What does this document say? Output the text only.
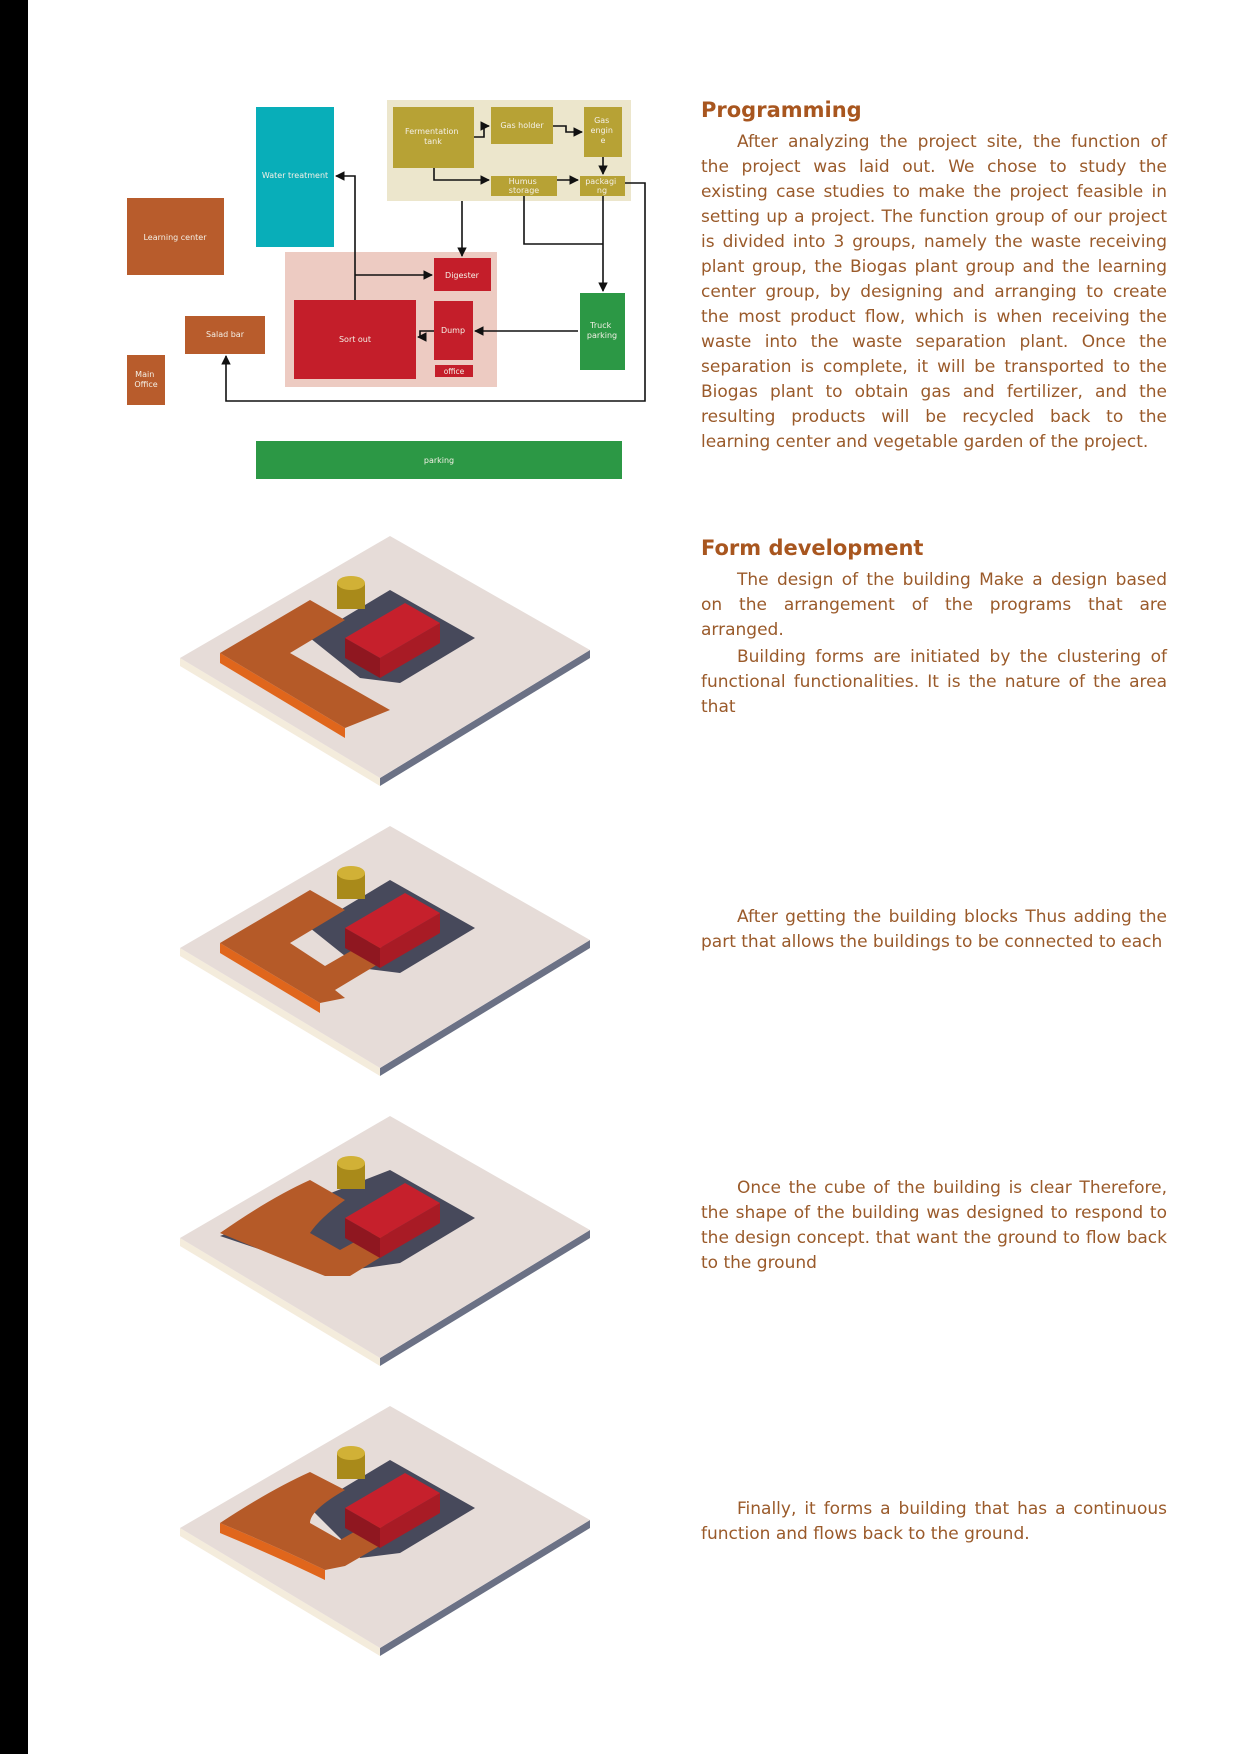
Learning center
Water treatment
Fermentation tank
Gas holder
Gas engin e
Humus storage
packagi ng
Digester
Sort out
Dump
office
Truck parking
Salad bar
Main Office
parking
Programming

After analyzing the project site, the function of the project was laid out. We chose to study the existing case studies to make the project feasible in setting up a project. The function group of our project is divided into 3 groups, namely the waste receiving plant group, the Biogas plant group and the learning center group, by designing and arranging to create the most product flow, which is when receiving the waste into the waste separation plant. Once the separation is complete, it will be transported to the Biogas plant to obtain gas and fertilizer, and the resulting products will be recycled back to the learning center and vegetable garden of the project.

Form development

The design of the building Make a design based on the arrangement of the programs that are arranged.

Building forms are initiated by the clustering of functional functionalities. It is the nature of the area that

After getting the building blocks Thus adding the part that allows the buildings to be connected to each

Once the cube of the building is clear Therefore, the shape of the building was designed to respond to the design concept. that want the ground to flow back to the ground

Finally, it forms a building that has a continuous function and flows back to the ground.
